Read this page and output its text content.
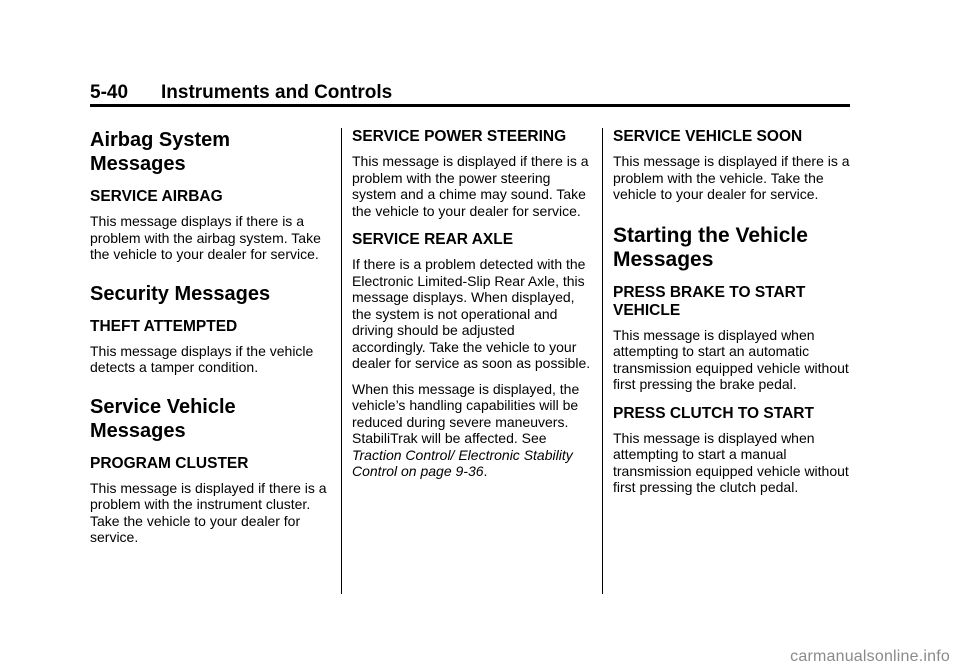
5-40 Instruments and Controls
Airbag System Messages
SERVICE AIRBAG

This message displays if there is a problem with the airbag system. Take the vehicle to your dealer for service.

Security Messages
THEFT ATTEMPTED

This message displays if the vehicle detects a tamper condition.

Service Vehicle Messages
PROGRAM CLUSTER

This message is displayed if there is a problem with the instrument cluster. Take the vehicle to your dealer for service.

SERVICE POWER STEERING

This message is displayed if there is a problem with the power steering system and a chime may sound. Take the vehicle to your dealer for service.

SERVICE REAR AXLE

If there is a problem detected with the Electronic Limited-Slip Rear Axle, this message displays. When displayed, the system is not operational and driving should be adjusted accordingly. Take the vehicle to your dealer for service as soon as possible.

When this message is displayed, the vehicle’s handling capabilities will be reduced during severe maneuvers. StabiliTrak will be affected. See Traction Control/ Electronic Stability Control on page 9-36.

SERVICE VEHICLE SOON

This message is displayed if there is a problem with the vehicle. Take the vehicle to your dealer for service.

Starting the Vehicle Messages
PRESS BRAKE TO START VEHICLE

This message is displayed when attempting to start an automatic transmission equipped vehicle without first pressing the brake pedal.

PRESS CLUTCH TO START

This message is displayed when attempting to start a manual transmission equipped vehicle without first pressing the clutch pedal.

carmanualsonline.info
